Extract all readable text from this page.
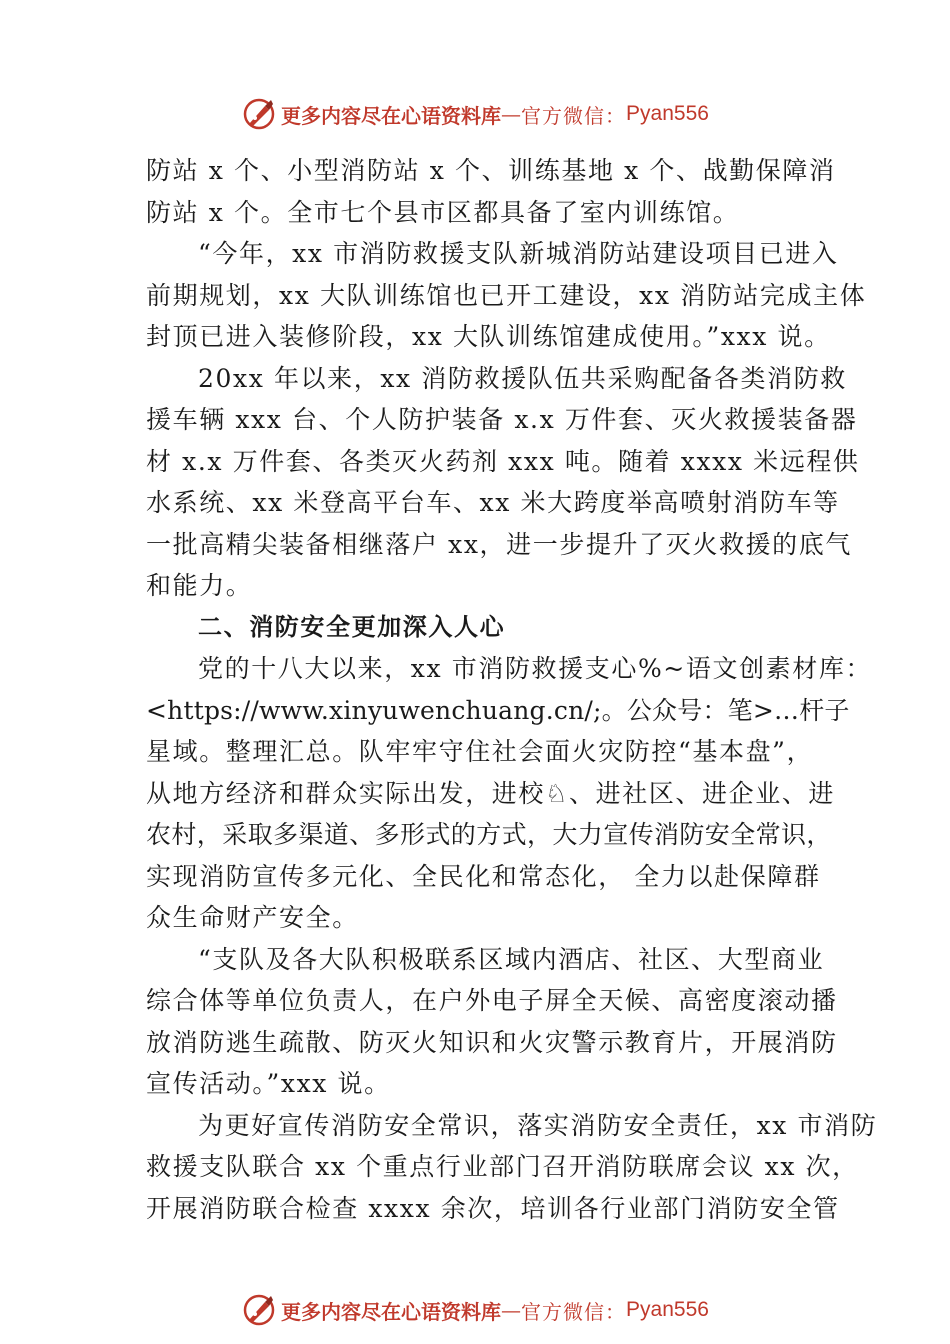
更多内容尽在心语资料库 — 官方微信： Pyan556
防站 x 个、小型消防站 x 个、训练基地 x 个、战勤保障消
防站 x 个。全市七个县市区都具备了室内训练馆。
“今年，xx 市消防救援支队新城消防站建设项目已进入
前期规划，xx 大队训练馆也已开工建设，xx 消防站完成主体
封顶已进入装修阶段，xx 大队训练馆建成使用。”xxx 说。
20xx 年以来，xx 消防救援队伍共采购配备各类消防救
援车辆 xxx 台、个人防护装备 x.x 万件套、灭火救援装备器
材 x.x 万件套、各类灭火药剂 xxx 吨。随着 xxxx 米远程供
水系统、xx 米登高平台车、xx 米大跨度举高喷射消防车等
一批高精尖装备相继落户 xx，进一步提升了灭火救援的底气
和能力。
二、消防安全更加深入人心
党的十八大以来，xx 市消防救援支心%~语文创素材库：
<https://www.xinyuwenchuang.cn/;。公众号：笔>…杆子
星域。整理汇总。队牢牢守住社会面火灾防控“基本盘”，
从地方经济和群众实际出发，进校♘、进社区、进企业、进
农村，采取多渠道、多形式的方式，大力宣传消防安全常识，
实现消防宣传多元化、全民化和常态化， 全力以赴保障群
众生命财产安全。
“支队及各大队积极联系区域内酒店、社区、大型商业
综合体等单位负责人，在户外电子屏全天候、高密度滚动播
放消防逃生疏散、防灭火知识和火灾警示教育片，开展消防
宣传活动。”xxx 说。
为更好宣传消防安全常识，落实消防安全责任，xx 市消防
救援支队联合 xx 个重点行业部门召开消防联席会议 xx 次，
开展消防联合检查 xxxx 余次，培训各行业部门消防安全管
更多内容尽在心语资料库 — 官方微信： Pyan556
